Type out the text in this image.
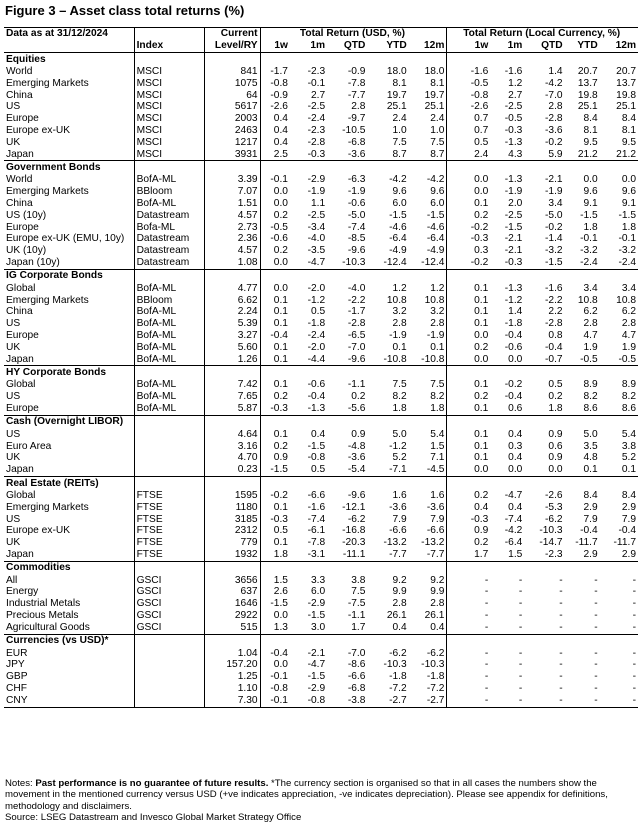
Figure 3 – Asset class total returns (%)
Data as at 31/12/2024		Current	Total Return (USD, %)					Total Return (Local Currency, %)				
	Index	Level/RY	1w	1m	QTD	YTD	12m	1w	1m	QTD	YTD	12m
Equities												
World	MSCI	841	-1.7	-2.3	-0.9	18.0	18.0	-1.6	-1.6	1.4	20.7	20.7
Emerging Markets	MSCI	1075	-0.8	-0.1	-7.8	8.1	8.1	-0.5	1.2	-4.2	13.7	13.7
China	MSCI	64	-0.9	2.7	-7.7	19.7	19.7	-0.8	2.7	-7.0	19.8	19.8
US	MSCI	5617	-2.6	-2.5	2.8	25.1	25.1	-2.6	-2.5	2.8	25.1	25.1
Europe	MSCI	2003	0.4	-2.4	-9.7	2.4	2.4	0.7	-0.5	-2.8	8.4	8.4
Europe ex-UK	MSCI	2463	0.4	-2.3	-10.5	1.0	1.0	0.7	-0.3	-3.6	8.1	8.1
UK	MSCI	1217	0.4	-2.8	-6.8	7.5	7.5	0.5	-1.3	-0.2	9.5	9.5
Japan	MSCI	3931	2.5	-0.3	-3.6	8.7	8.7	2.4	4.3	5.9	21.2	21.2
Government Bonds												
World	BofA-ML	3.39	-0.1	-2.9	-6.3	-4.2	-4.2	0.0	-1.3	-2.1	0.0	0.0
Emerging Markets	BBloom	7.07	0.0	-1.9	-1.9	9.6	9.6	0.0	-1.9	-1.9	9.6	9.6
China	BofA-ML	1.51	0.0	1.1	-0.6	6.0	6.0	0.1	2.0	3.4	9.1	9.1
US (10y)	Datastream	4.57	0.2	-2.5	-5.0	-1.5	-1.5	0.2	-2.5	-5.0	-1.5	-1.5
Europe	Bofa-ML	2.73	-0.5	-3.4	-7.4	-4.6	-4.6	-0.2	-1.5	-0.2	1.8	1.8
Europe ex-UK (EMU, 10y)	Datastream	2.36	-0.6	-4.0	-8.5	-6.4	-6.4	-0.3	-2.1	-1.4	-0.1	-0.1
UK (10y)	Datastream	4.57	0.2	-3.5	-9.6	-4.9	-4.9	0.3	-2.1	-3.2	-3.2	-3.2
Japan (10y)	Datastream	1.08	0.0	-4.7	-10.3	-12.4	-12.4	-0.2	-0.3	-1.5	-2.4	-2.4
IG Corporate Bonds												
Global	BofA-ML	4.77	0.0	-2.0	-4.0	1.2	1.2	0.1	-1.3	-1.6	3.4	3.4
Emerging Markets	BBloom	6.62	0.1	-1.2	-2.2	10.8	10.8	0.1	-1.2	-2.2	10.8	10.8
China	BofA-ML	2.24	0.1	0.5	-1.7	3.2	3.2	0.1	1.4	2.2	6.2	6.2
US	BofA-ML	5.39	0.1	-1.8	-2.8	2.8	2.8	0.1	-1.8	-2.8	2.8	2.8
Europe	BofA-ML	3.27	-0.4	-2.4	-6.5	-1.9	-1.9	0.0	-0.4	0.8	4.7	4.7
UK	BofA-ML	5.60	0.1	-2.0	-7.0	0.1	0.1	0.2	-0.6	-0.4	1.9	1.9
Japan	BofA-ML	1.26	0.1	-4.4	-9.6	-10.8	-10.8	0.0	0.0	-0.7	-0.5	-0.5
HY Corporate Bonds												
Global	BofA-ML	7.42	0.1	-0.6	-1.1	7.5	7.5	0.1	-0.2	0.5	8.9	8.9
US	BofA-ML	7.65	0.2	-0.4	0.2	8.2	8.2	0.2	-0.4	0.2	8.2	8.2
Europe	BofA-ML	5.87	-0.3	-1.3	-5.6	1.8	1.8	0.1	0.6	1.8	8.6	8.6
Cash (Overnight LIBOR)												
US		4.64	0.1	0.4	0.9	5.0	5.4	0.1	0.4	0.9	5.0	5.4
Euro Area		3.16	0.2	-1.5	-4.8	-1.2	1.5	0.1	0.3	0.6	3.5	3.8
UK		4.70	0.9	-0.8	-3.6	5.2	7.1	0.1	0.4	0.9	4.8	5.2
Japan		0.23	-1.5	0.5	-5.4	-7.1	-4.5	0.0	0.0	0.0	0.1	0.1
Real Estate (REITs)												
Global	FTSE	1595	-0.2	-6.6	-9.6	1.6	1.6	0.2	-4.7	-2.6	8.4	8.4
Emerging Markets	FTSE	1180	0.1	-1.6	-12.1	-3.6	-3.6	0.4	0.4	-5.3	2.9	2.9
US	FTSE	3185	-0.3	-7.4	-6.2	7.9	7.9	-0.3	-7.4	-6.2	7.9	7.9
Europe ex-UK	FTSE	2312	0.5	-6.1	-16.8	-6.6	-6.6	0.9	-4.2	-10.3	-0.4	-0.4
UK	FTSE	779	0.1	-7.8	-20.3	-13.2	-13.2	0.2	-6.4	-14.7	-11.7	-11.7
Japan	FTSE	1932	1.8	-3.1	-11.1	-7.7	-7.7	1.7	1.5	-2.3	2.9	2.9
Commodities												
All	GSCI	3656	1.5	3.3	3.8	9.2	9.2	-	-	-	-	-
Energy	GSCI	637	2.6	6.0	7.5	9.9	9.9	-	-	-	-	-
Industrial Metals	GSCI	1646	-1.5	-2.9	-7.5	2.8	2.8	-	-	-	-	-
Precious Metals	GSCI	2922	0.0	-1.5	-1.1	26.1	26.1	-	-	-	-	-
Agricultural Goods	GSCI	515	1.3	3.0	1.7	0.4	0.4	-	-	-	-	-
Currencies (vs USD)*												
EUR		1.04	-0.4	-2.1	-7.0	-6.2	-6.2	-	-	-	-	-
JPY		157.20	0.0	-4.7	-8.6	-10.3	-10.3	-	-	-	-	-
GBP		1.25	-0.1	-1.5	-6.6	-1.8	-1.8	-	-	-	-	-
CHF		1.10	-0.8	-2.9	-6.8	-7.2	-7.2	-	-	-	-	-
CNY		7.30	-0.1	-0.8	-3.8	-2.7	-2.7	-	-	-	-	-
Notes: Past performance is no guarantee of future results. *The currency section is organised so that in all cases the numbers show the movement in the mentioned currency versus USD (+ve indicates appreciation, -ve indicates depreciation). Please see appendix for definitions, methodology and disclaimers.
Source: LSEG Datastream and Invesco Global Market Strategy Office
